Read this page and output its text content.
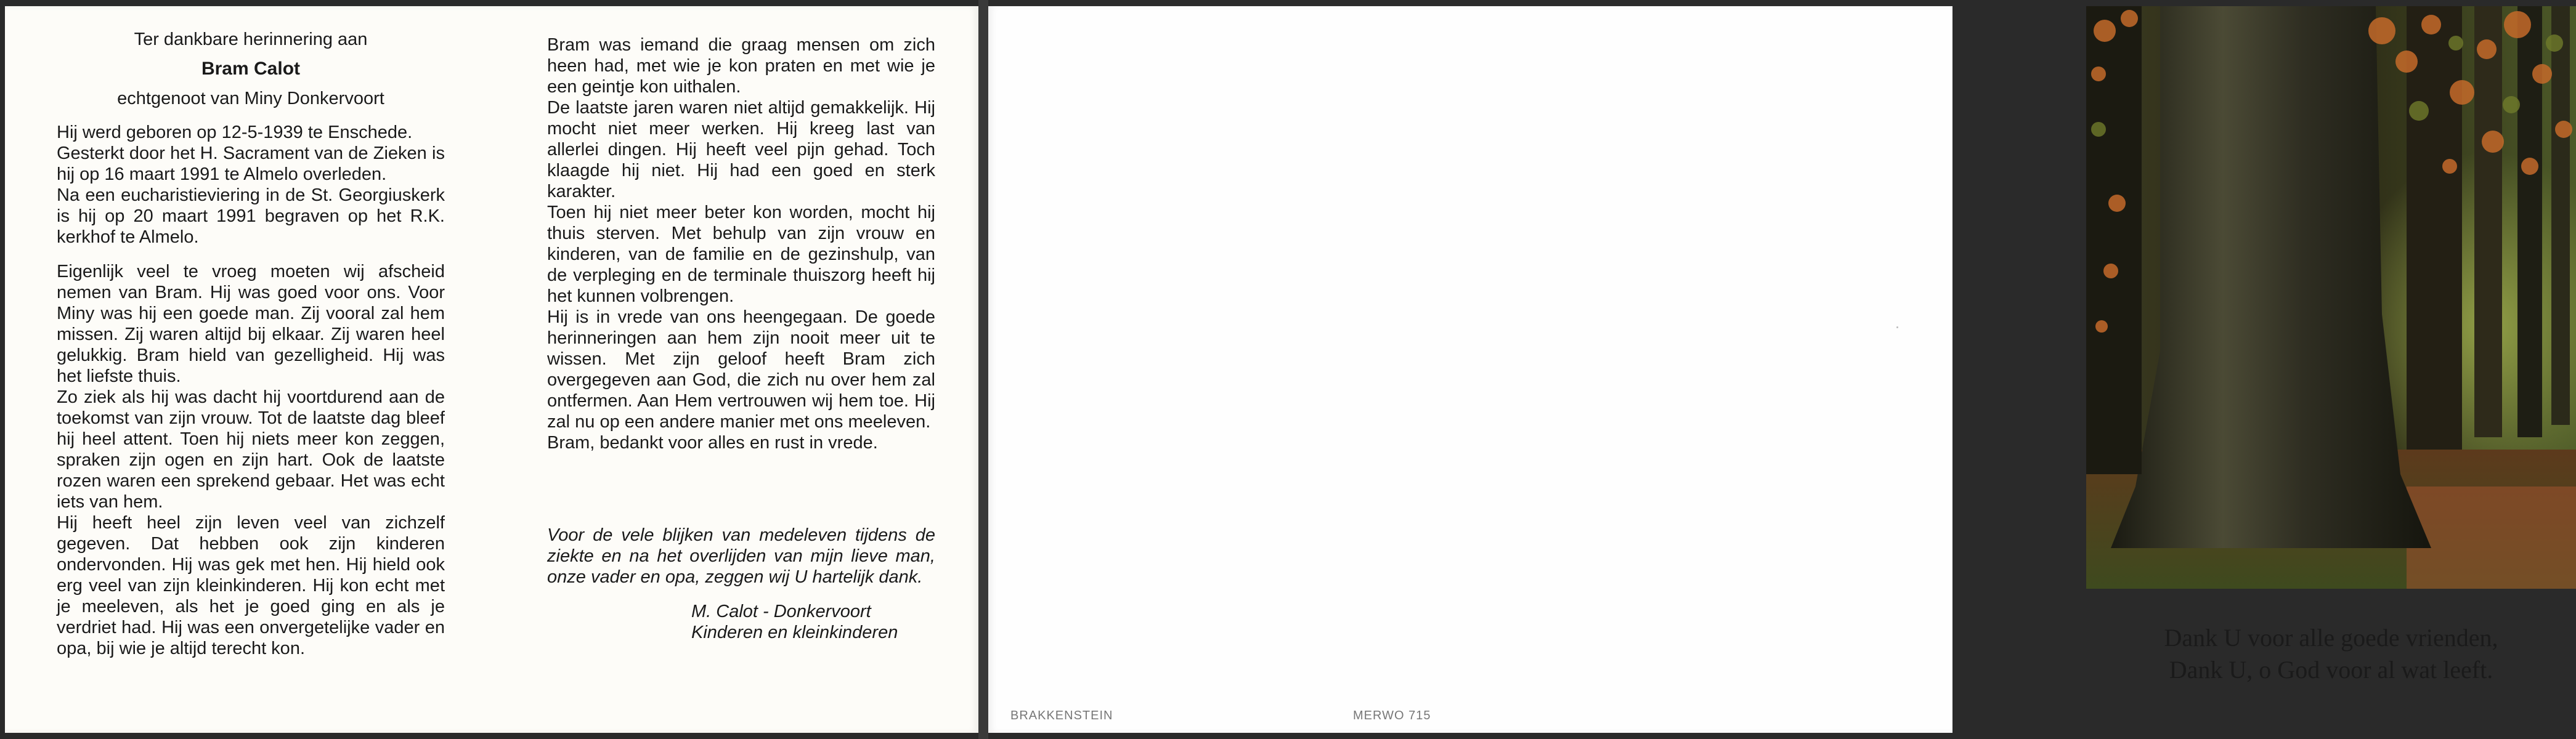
Ter dankbare herinnering aan
Bram Calot
echtgenoot van Miny Donkervoort

Hij werd geboren op 12-5-1939 te Enschede.

Gesterkt door het H. Sacrament van de Zieken is hij op 16 maart 1991 te Almelo overleden.

Na een eucharistieviering in de St. Georgiuskerk is hij op 20 maart 1991 begraven op het R.K. kerkhof te Almelo.

Eigenlijk veel te vroeg moeten wij afscheid nemen van Bram. Hij was goed voor ons. Voor Miny was hij een goede man. Zij vooral zal hem missen. Zij waren altijd bij elkaar. Zij waren heel gelukkig. Bram hield van gezelligheid. Hij was het liefste thuis.

Zo ziek als hij was dacht hij voortdurend aan de toekomst van zijn vrouw. Tot de laatste dag bleef hij heel attent. Toen hij niets meer kon zeggen, spraken zijn ogen en zijn hart. Ook de laatste rozen waren een sprekend gebaar. Het was echt iets van hem.

Hij heeft heel zijn leven veel van zichzelf gegeven. Dat hebben ook zijn kinderen ondervonden. Hij was gek met hen. Hij hield ook erg veel van zijn kleinkinderen. Hij kon echt met je meeleven, als het je goed ging en als je verdriet had. Hij was een onvergetelijke vader en opa, bij wie je altijd terecht kon.

Bram was iemand die graag mensen om zich heen had, met wie je kon praten en met wie je een geintje kon uithalen.

De laatste jaren waren niet altijd gemakkelijk. Hij mocht niet meer werken. Hij kreeg last van allerlei dingen. Hij heeft veel pijn gehad. Toch klaagde hij niet. Hij had een goed en sterk karakter.

Toen hij niet meer beter kon worden, mocht hij thuis sterven. Met behulp van zijn vrouw en kinderen, van de familie en de gezinshulp, van de verpleging en de terminale thuiszorg heeft hij het kunnen volbrengen.

Hij is in vrede van ons heengegaan. De goede herinneringen aan hem zijn nooit meer uit te wissen. Met zijn geloof heeft Bram zich overgegeven aan God, die zich nu over hem zal ontfermen. Aan Hem vertrouwen wij hem toe. Hij zal nu op een andere manier met ons meeleven.

Bram, bedankt voor alles en rust in vrede.

Voor de vele blijken van medeleven tijdens de ziekte en na het overlijden van mijn lieve man, onze vader en opa, zeggen wij U hartelijk dank.
M. Calot - Donkervoort
Kinderen en kleinkinderen
BRAKKENSTEIN	MERWO 715
Dank U voor alle goede vrienden,
Dank U, o God voor al wat leeft.
